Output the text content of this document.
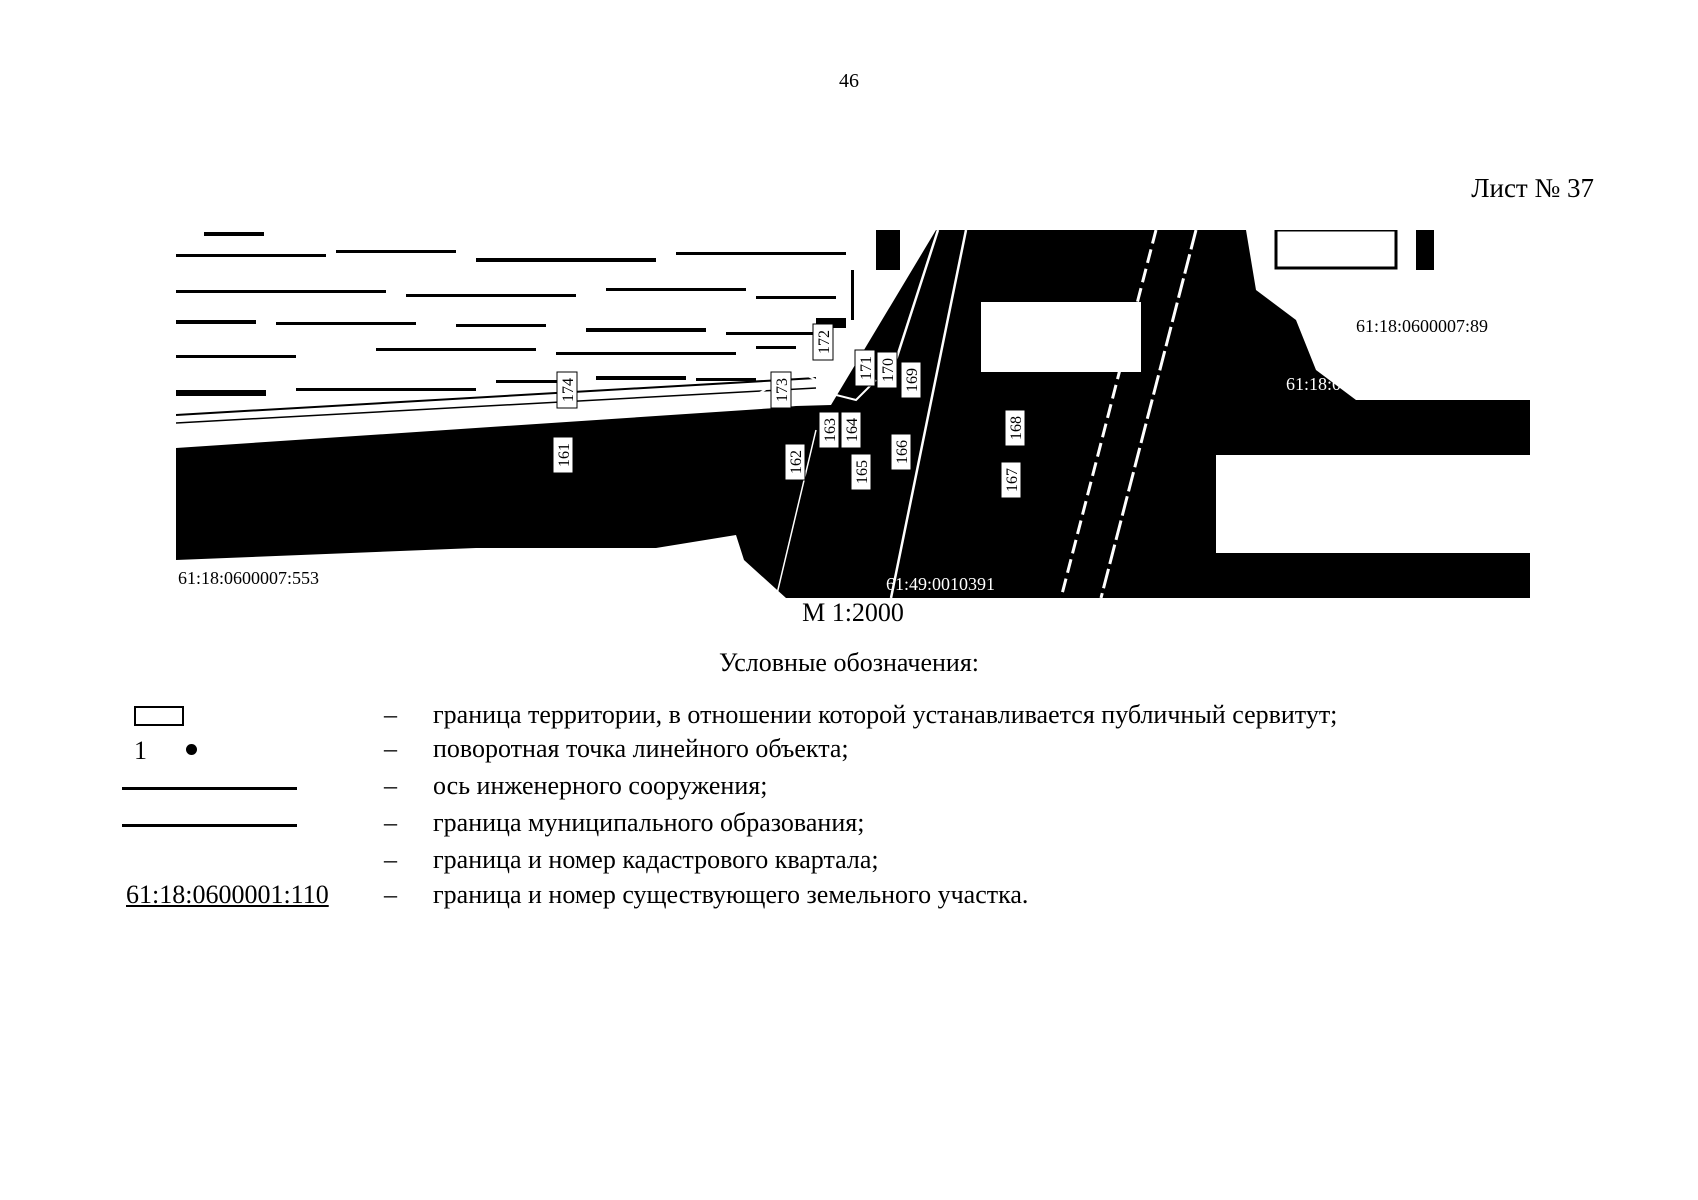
46
Лист № 37
161	162
163 164
165
166
167
168
169
170
171
172
173
174
61:18:0600007:553	61:49:0010391
61:18:0600007:89
61:18:060
М 1:2000
Условные обозначения:
– граница территории, в отношении которой устанавливается публичный сервитут;
1	– поворотная точка линейного объекта;
– ось инженерного сооружения;
– граница муниципального образования;
– граница и номер кадастрового квартала;
61:18:0600001:110 – граница и номер существующего земельного участка.
